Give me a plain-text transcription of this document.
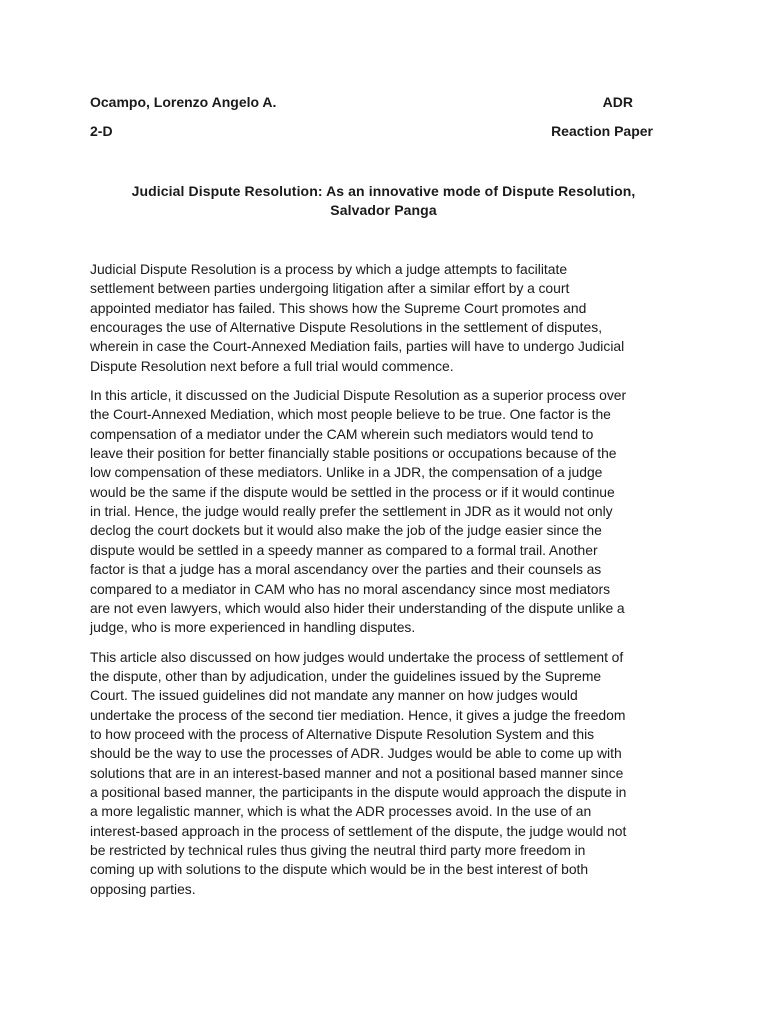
Ocampo, Lorenzo Angelo A.	ADR
2-D	Reaction Paper
Judicial Dispute Resolution: As an innovative mode of Dispute Resolution,
Salvador Panga

Judicial Dispute Resolution is a process by which a judge attempts to facilitate
settlement between parties undergoing litigation after a similar effort by a court
appointed mediator has failed. This shows how the Supreme Court promotes and
encourages the use of Alternative Dispute Resolutions in the settlement of disputes,
wherein in case the Court-Annexed Mediation fails, parties will have to undergo Judicial
Dispute Resolution next before a full trial would commence.

In this article, it discussed on the Judicial Dispute Resolution as a superior process over
the Court-Annexed Mediation, which most people believe to be true. One factor is the
compensation of a mediator under the CAM wherein such mediators would tend to
leave their position for better financially stable positions or occupations because of the
low compensation of these mediators. Unlike in a JDR, the compensation of a judge
would be the same if the dispute would be settled in the process or if it would continue
in trial. Hence, the judge would really prefer the settlement in JDR as it would not only
declog the court dockets but it would also make the job of the judge easier since the
dispute would be settled in a speedy manner as compared to a formal trail. Another
factor is that a judge has a moral ascendancy over the parties and their counsels as
compared to a mediator in CAM who has no moral ascendancy since most mediators
are not even lawyers, which would also hider their understanding of the dispute unlike a
judge, who is more experienced in handling disputes.

This article also discussed on how judges would undertake the process of settlement of
the dispute, other than by adjudication, under the guidelines issued by the Supreme
Court. The issued guidelines did not mandate any manner on how judges would
undertake the process of the second tier mediation. Hence, it gives a judge the freedom
to how proceed with the process of Alternative Dispute Resolution System and this
should be the way to use the processes of ADR. Judges would be able to come up with
solutions that are in an interest-based manner and not a positional based manner since
a positional based manner, the participants in the dispute would approach the dispute in
a more legalistic manner, which is what the ADR processes avoid. In the use of an
interest-based approach in the process of settlement of the dispute, the judge would not
be restricted by technical rules thus giving the neutral third party more freedom in
coming up with solutions to the dispute which would be in the best interest of both
opposing parties.
